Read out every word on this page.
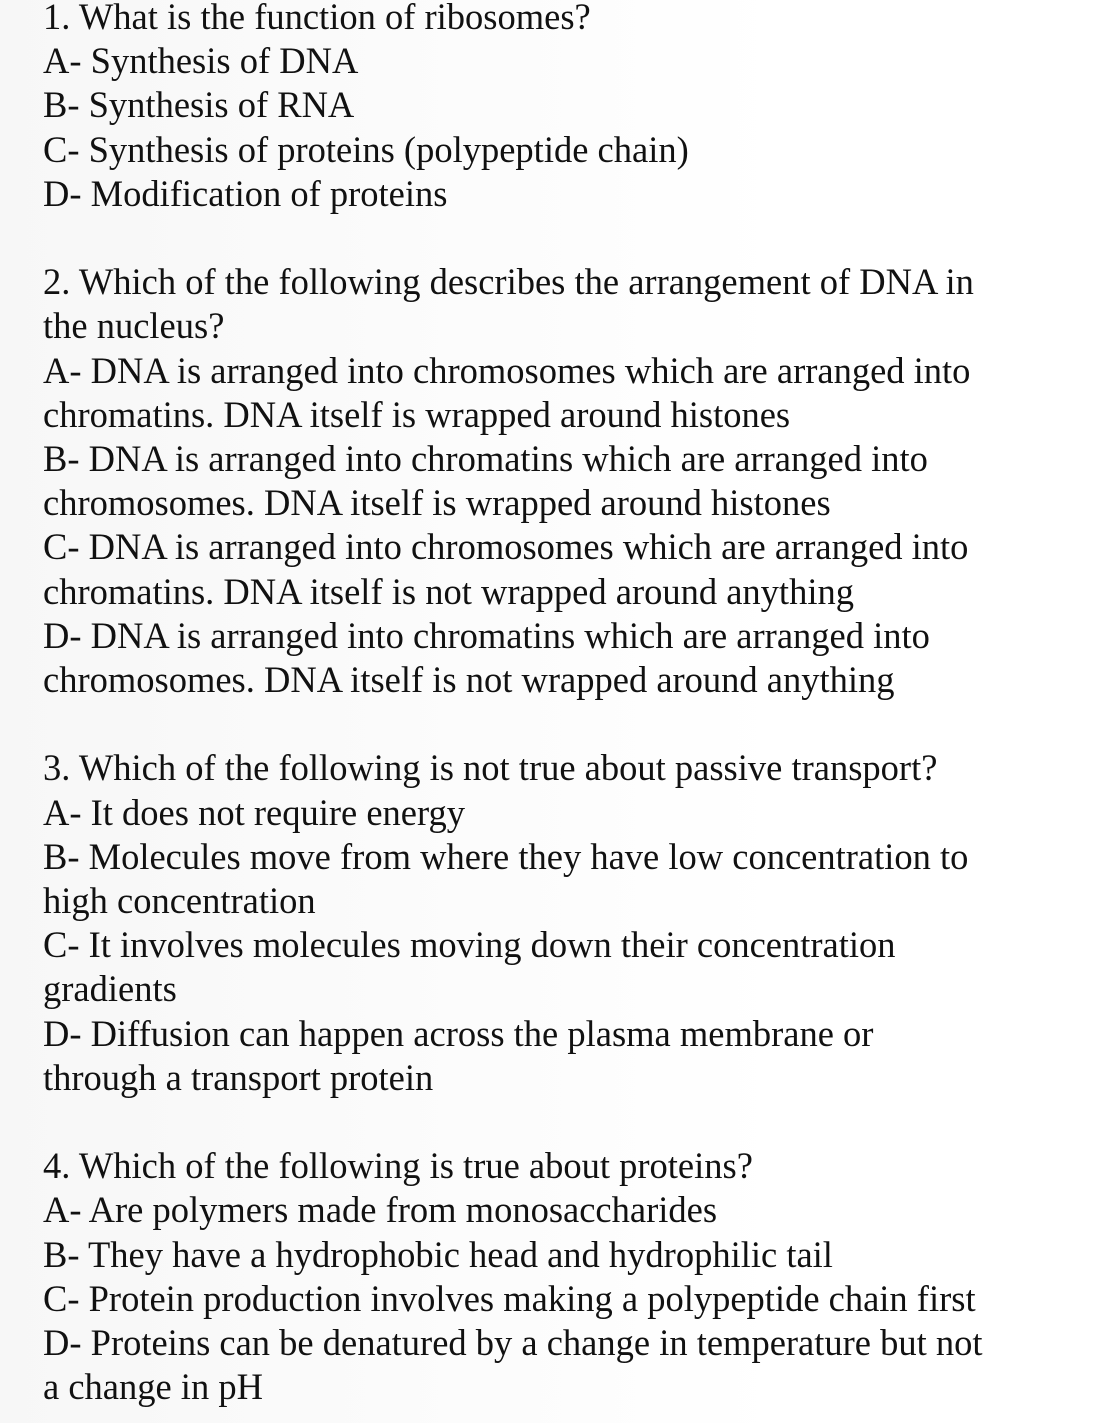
1. What is the function of ribosomes?
A- Synthesis of DNA
B- Synthesis of RNA
C- Synthesis of proteins (polypeptide chain)
D- Modification of proteins
2. Which of the following describes the arrangement of DNA in
the nucleus?
A- DNA is arranged into chromosomes which are arranged into
chromatins. DNA itself is wrapped around histones
B- DNA is arranged into chromatins which are arranged into
chromosomes. DNA itself is wrapped around histones
C- DNA is arranged into chromosomes which are arranged into
chromatins. DNA itself is not wrapped around anything
D- DNA is arranged into chromatins which are arranged into
chromosomes. DNA itself is not wrapped around anything
3. Which of the following is not true about passive transport?
A- It does not require energy
B- Molecules move from where they have low concentration to
high concentration
C- It involves molecules moving down their concentration
gradients
D- Diffusion can happen across the plasma membrane or
through a transport protein
4. Which of the following is true about proteins?
A- Are polymers made from monosaccharides
B- They have a hydrophobic head and hydrophilic tail
C- Protein production involves making a polypeptide chain first
D- Proteins can be denatured by a change in temperature but not
a change in pH
